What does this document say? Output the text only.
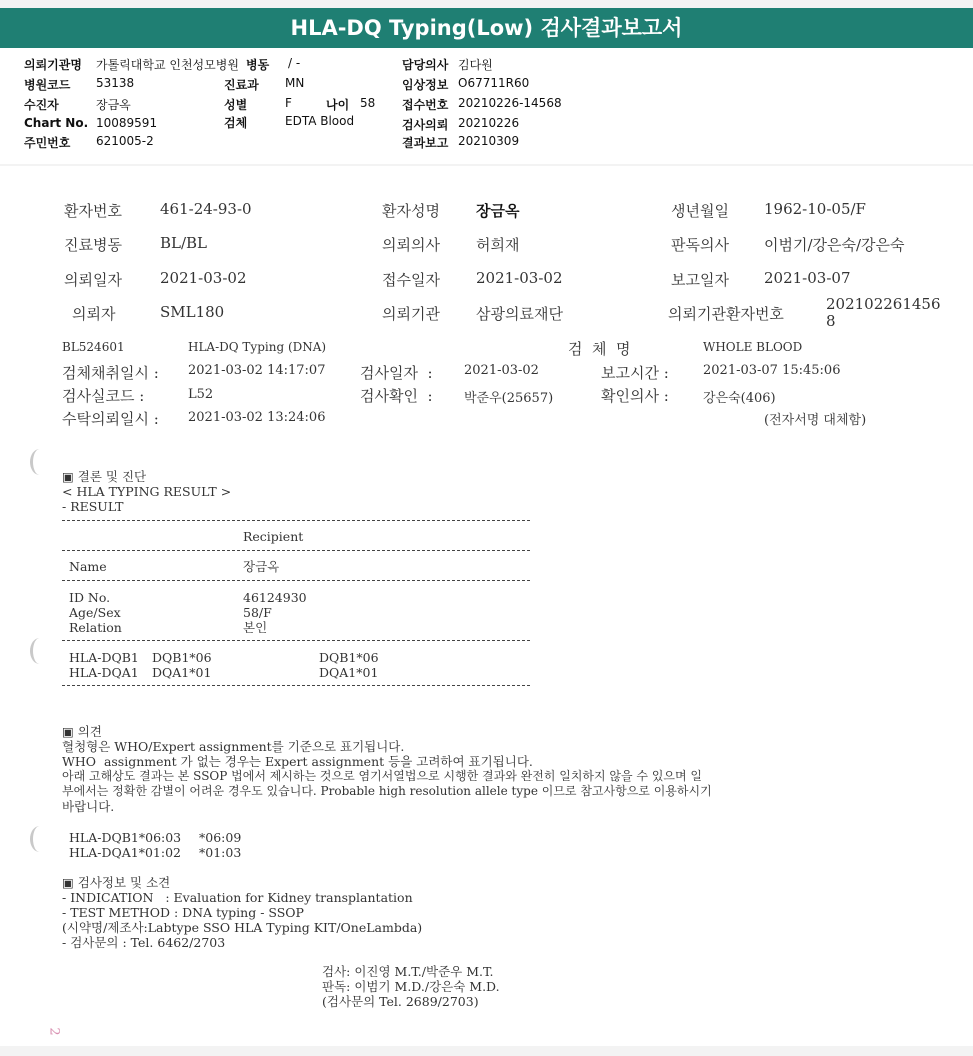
HLA-DQ Typing(Low) 검사결과보고서
의뢰기관명 가톨릭대학교 인천성모병원 병동 / -	담당의사 김다원
병원코드 53138	진료과 MN	임상정보 O67711R60
수진자	장금옥	성별	F	나이 58 접수번호 20210226-14568
Chart No. 10089591	검체	EDTA Blood	검사의뢰 20210226
주민번호 621005-2	결과보고 20210309
환자번호	461-24-93-0	환자성명 장금옥	생년월일 1962-10-05/F
진료병동	BL/BL	의뢰의사 허희재	판독의사 이범기/강은숙/강은숙
의뢰일자	2021-03-02	접수일자 2021-03-02	보고일자 2021-03-07
의뢰자	SML180	의뢰기관 삼광의료재단	의뢰기관환자번호
202102261456
8
BL524601	HLA-DQ Typing (DNA)	검  체  명	WHOLE BLOOD
검체채취일시 : 2021-03-02 14:17:07 검사일자  : 2021-03-02	보고시간 :	2021-03-07 15:45:06
검사실코드 :	L52	검사확인  : 박준우(25657)	확인의사 :	강은숙(406)
수탁의뢰일시 : 2021-03-02 13:24:06	(전자서명 대체함)
▣ 결론 및 진단
< HLA TYPING RESULT >
- RESULT
Recipient
Name	장금옥
ID No.	46124930
Age/Sex	58/F
Relation	본인
HLA-DQB1 DQB1*06	DQB1*06
HLA-DQA1 DQA1*01	DQA1*01
▣ 의견
혈청형은 WHO/Expert assignment를 기준으로 표기됩니다.
WHO  assignment 가 없는 경우는 Expert assignment 등을 고려하여 표기됩니다.
아래 고해상도 결과는 본 SSOP 법에서 제시하는 것으로 염기서열법으로 시행한 결과와 완전히 일치하지 않을 수 있으며 일
부에서는 정확한 감별이 어려운 경우도 있습니다. Probable high resolution allele type 이므로 참고사항으로 이용하시기
바랍니다.
HLA-DQB1*06:03 *06:09
HLA-DQA1*01:02 *01:03
▣ 검사정보 및 소견
- INDICATION   : Evaluation for Kidney transplantation
- TEST METHOD : DNA typing - SSOP
(시약명/제조사:Labtype SSO HLA Typing KIT/OneLambda)
- 검사문의 : Tel. 6462/2703
검사: 이진영 M.T./박준우 M.T.
판독: 이범기 M.D./강은숙 M.D.
(검사문의 Tel. 2689/2703)
2
